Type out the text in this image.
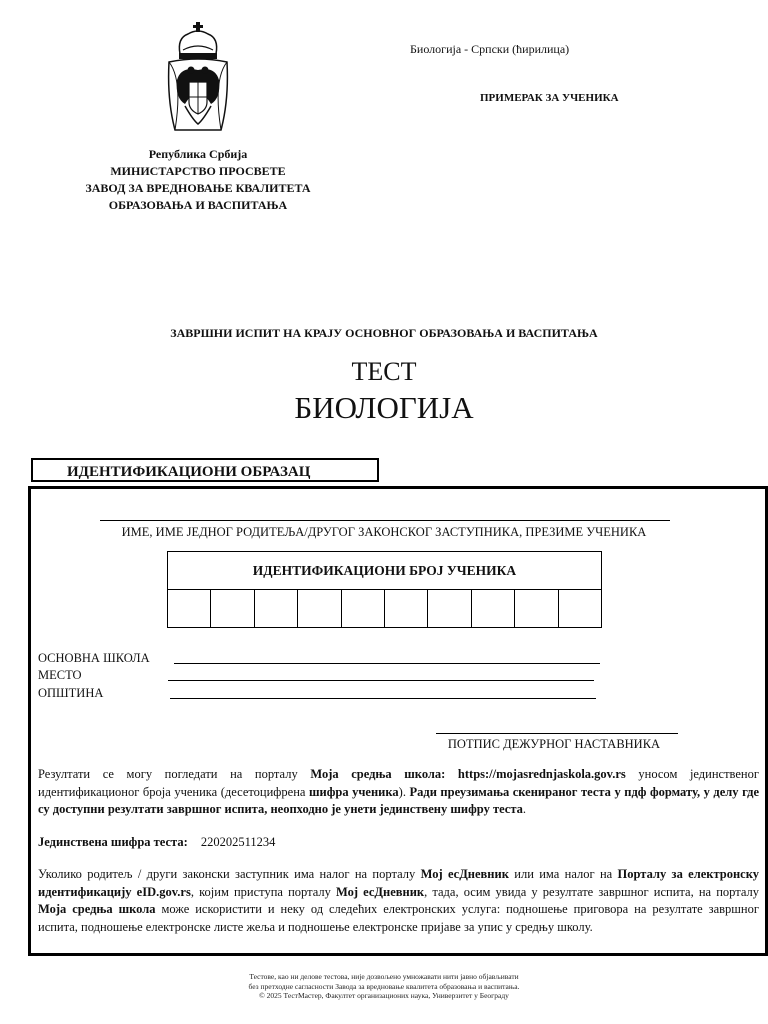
Република Србија
МИНИСТАРСТВО ПРОСВЕТЕ
ЗАВОД ЗА ВРЕДНОВАЊЕ КВАЛИТЕТА
ОБРАЗОВАЊА И ВАСПИТАЊА
Биологија - Српски (ћирилица)
ПРИМЕРАК ЗА УЧЕНИКА
ЗАВРШНИ ИСПИТ НА КРАЈУ ОСНОВНОГ ОБРАЗОВАЊА И ВАСПИТАЊА
ТЕСТ
БИОЛОГИЈА
ИДЕНТИФИКАЦИОНИ ОБРАЗАЦ
ИМЕ, ИМЕ ЈЕДНОГ РОДИТЕЉА/ДРУГОГ ЗАКОНСКОГ ЗАСТУПНИКА, ПРЕЗИМЕ УЧЕНИКА
ИДЕНТИФИКАЦИОНИ БРОЈ УЧЕНИКА
ОСНОВНА ШКОЛА
МЕСТО
ОПШТИНА
ПОТПИС ДЕЖУРНОГ НАСТАВНИКА
Резултати се могу погледати на порталу Моја средња школа: https://mojasrednjaskola.gov.rs уносом јединственог идентификационог броја ученика (десетоцифрена шифра ученика). Ради преузимања скенираног теста у пдф формату, у делу где су доступни резултати завршног испита, неопходно је унети јединствену шифру теста.
Јединствена шифра теста: 220202511234
Уколико родитељ / други законски заступник има налог на порталу Мој есДневник или има налог на Порталу за електронску идентификацију eID.gov.rs, којим приступа порталу Мој есДневник, тада, осим увида у резултате завршног испита, на порталу Моја средња школа може искористити и неку од следећих електронских услуга: подношење приговора на резултате завршног испита, подношење електронске листе жеља и подношење електронске пријаве за упис у средњу школу.
Тестове, као ни делове тестова, није дозвољено умножавати нити јавно објављивати
без претходне сагласности Завода за вредновање квалитета образовања и васпитања.
© 2025 ТестМастер, Факултет организационих наука, Универзитет у Београду
